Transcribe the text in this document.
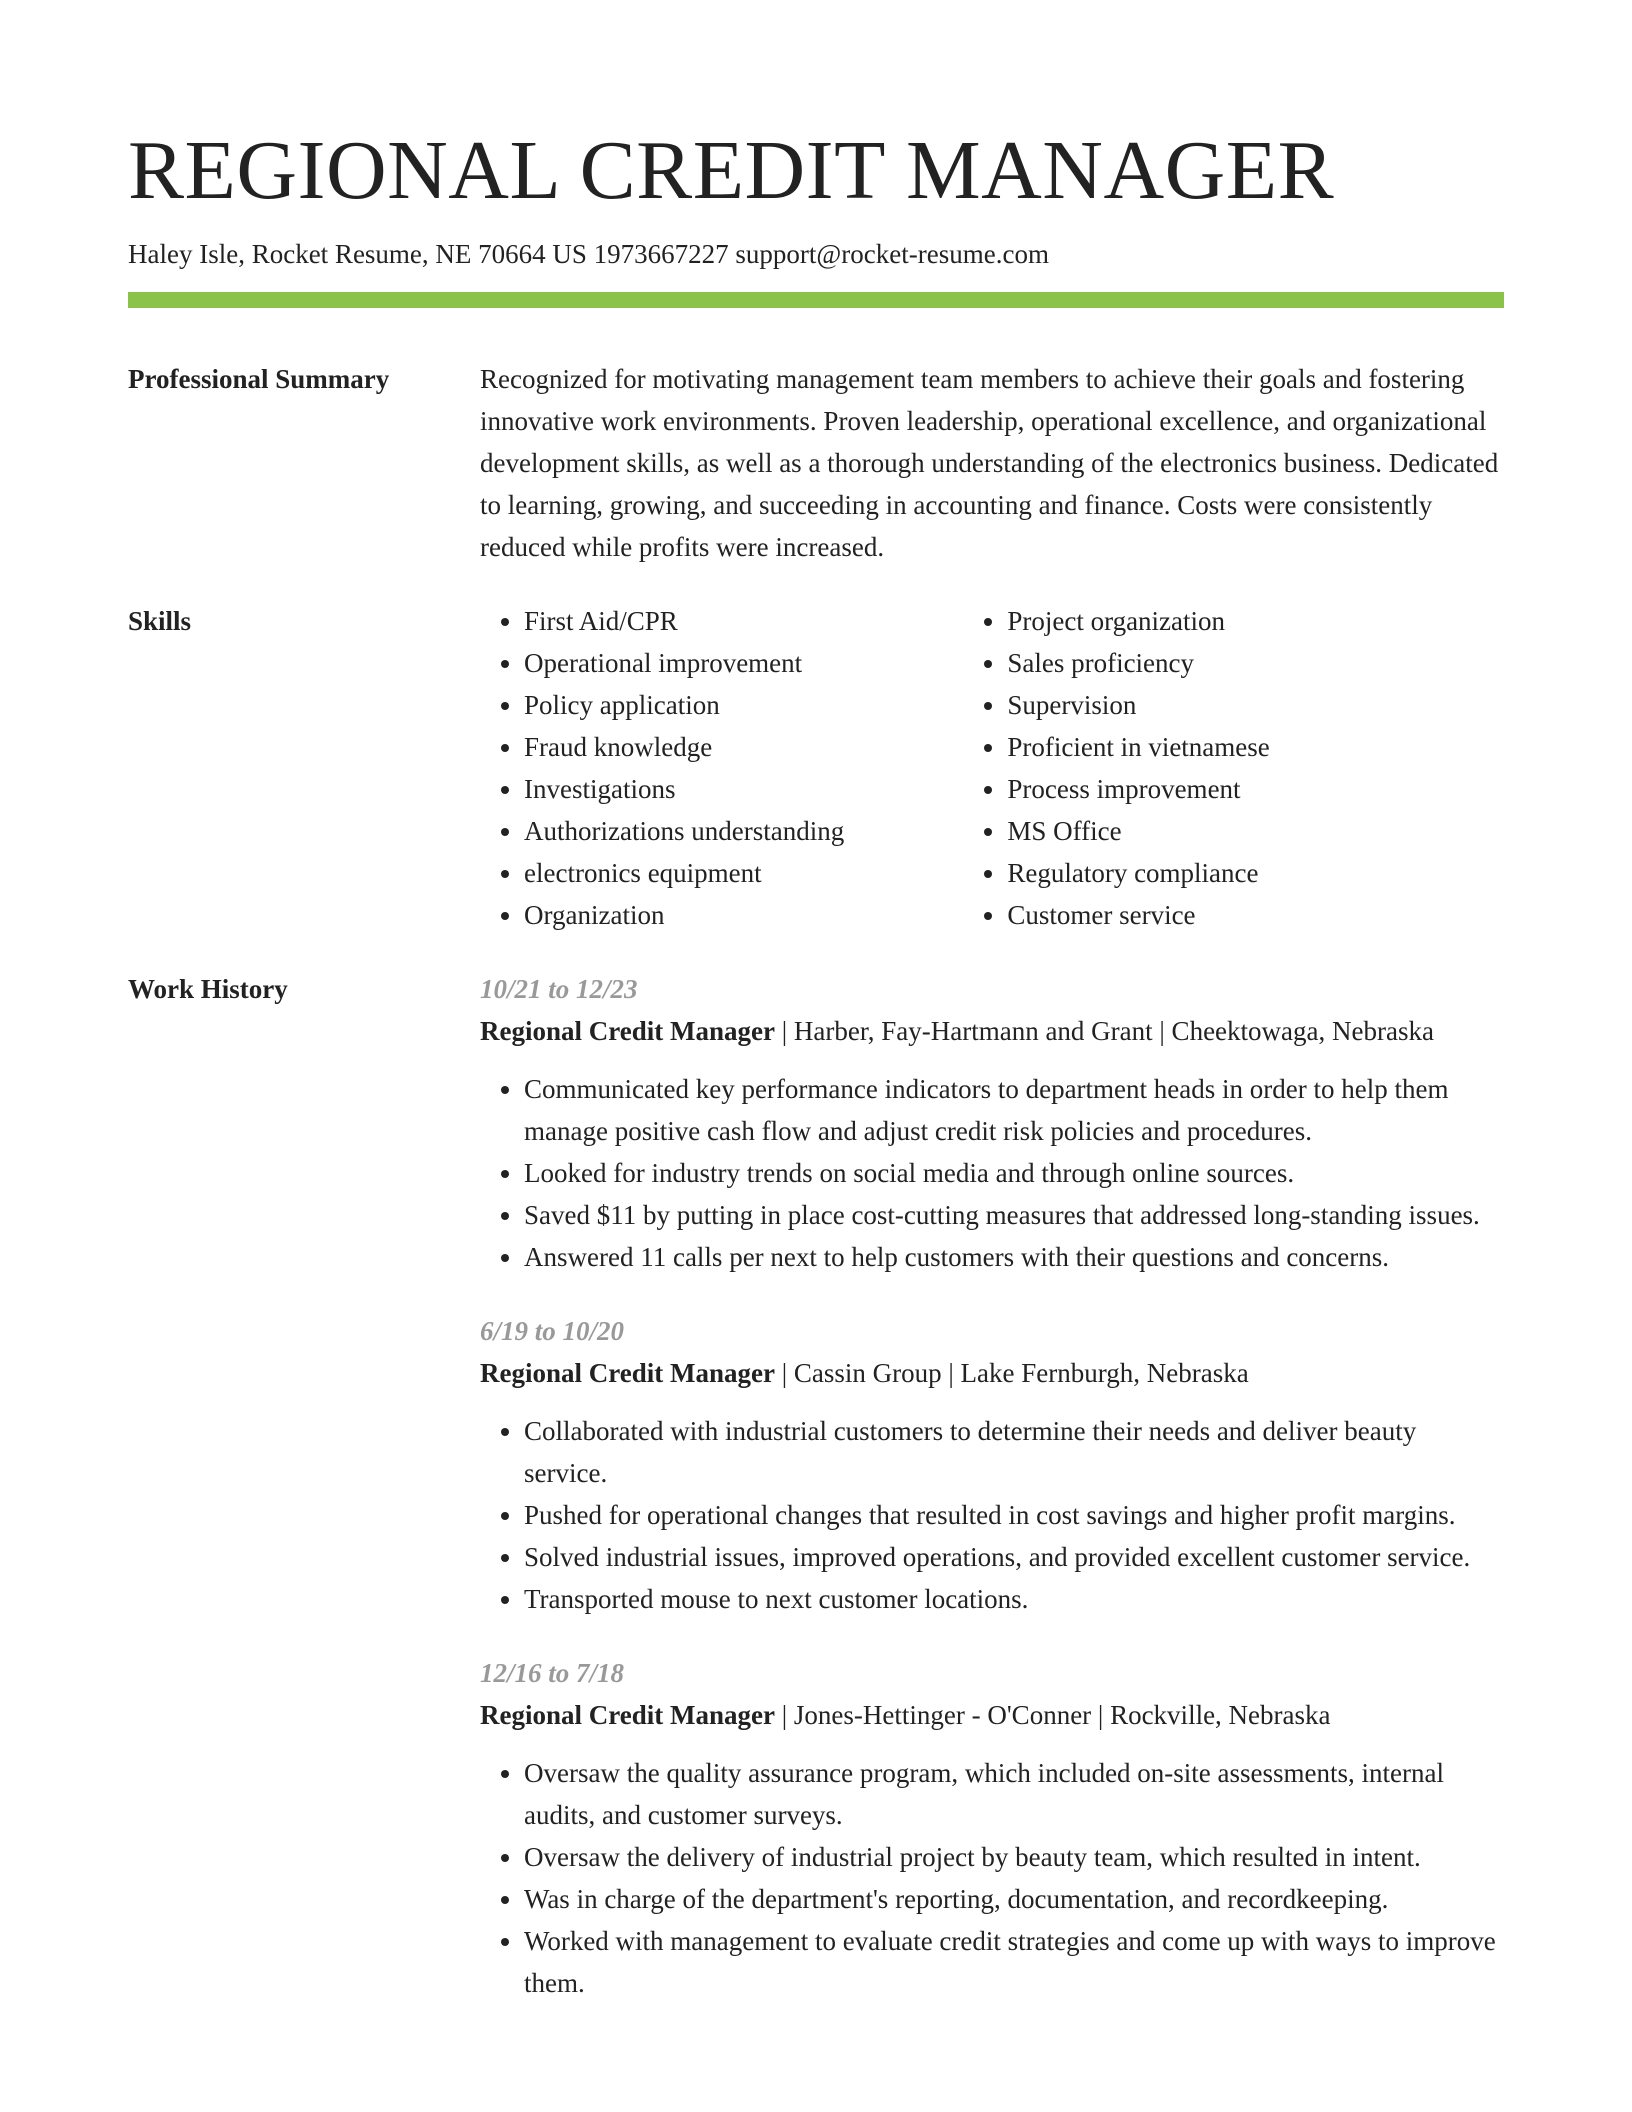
REGIONAL CREDIT MANAGER
Haley Isle, Rocket Resume, NE 70664 US 1973667227 support@rocket-resume.com
Professional Summary	Recognized for motivating management team members to achieve their goals and fostering innovative work environments. Proven leadership, operational excellence, and organizational development skills, as well as a thorough understanding of the electronics business. Dedicated to learning, growing, and succeeding in accounting and finance. Costs were consistently reduced while profits were increased.

Skills
•	First Aid/CPR
• Operational improvement
• Policy application
• Fraud knowledge
• Investigations
• Authorizations understanding
• electronics equipment
• Organization
• Project organization
• Sales proficiency
• Supervision
• Proficient in vietnamese
• Process improvement
• MS Office
• Regulatory compliance
• Customer service
Work History	10/21 to 12/23
Regional Credit Manager | Harber, Fay-Hartmann and Grant | Cheektowaga, Nebraska
• Communicated key performance indicators to department heads in order to help them manage positive cash flow and adjust credit risk policies and procedures.
• Looked for industry trends on social media and through online sources.
• Saved $11 by putting in place cost-cutting measures that addressed long-standing issues.
• Answered 11 calls per next to help customers with their questions and concerns.
6/19 to 10/20
Regional Credit Manager | Cassin Group | Lake Fernburgh, Nebraska
• Collaborated with industrial customers to determine their needs and deliver beauty service.
• Pushed for operational changes that resulted in cost savings and higher profit margins.
• Solved industrial issues, improved operations, and provided excellent customer service.
• Transported mouse to next customer locations.
12/16 to 7/18
Regional Credit Manager | Jones-Hettinger - O'Conner | Rockville, Nebraska
• Oversaw the quality assurance program, which included on-site assessments, internal audits, and customer surveys.
• Oversaw the delivery of industrial project by beauty team, which resulted in intent.
• Was in charge of the department's reporting, documentation, and recordkeeping.
• Worked with management to evaluate credit strategies and come up with ways to improve them.
